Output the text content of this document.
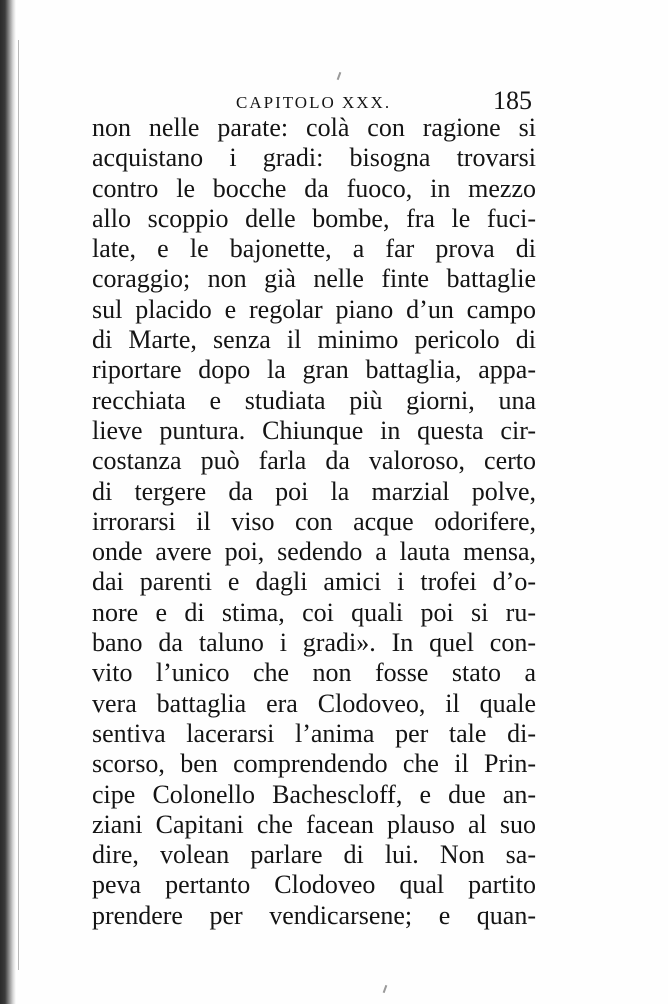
CAPITOLO XXX.	185
non nelle parate: colà con ragione si
acquistano i gradi: bisogna trovarsi
contro le bocche da fuoco, in mezzo
allo scoppio delle bombe, fra le fuci-
late, e le bajonette, a far prova di
coraggio; non già nelle finte battaglie
sul placido e regolar piano d’un campo
di Marte, senza il minimo pericolo di
riportare dopo la gran battaglia, appa-
recchiata e studiata più giorni, una
lieve puntura. Chiunque in questa cir-
costanza può farla da valoroso, certo
di tergere da poi la marzial polve,
irrorarsi il viso con acque odorifere,
onde avere poi, sedendo a lauta mensa,
dai parenti e dagli amici i trofei d’o-
nore e di stima, coi quali poi si ru-
bano da taluno i gradi». In quel con-
vito l’unico che non fosse stato a
vera battaglia era Clodoveo, il quale
sentiva lacerarsi l’anima per tale di-
scorso, ben comprendendo che il Prin-
cipe Colonello Bachescloff, e due an-
ziani Capitani che facean plauso al suo
dire, volean parlare di lui. Non sa-
peva pertanto Clodoveo qual partito
prendere per vendicarsene; e quan-
